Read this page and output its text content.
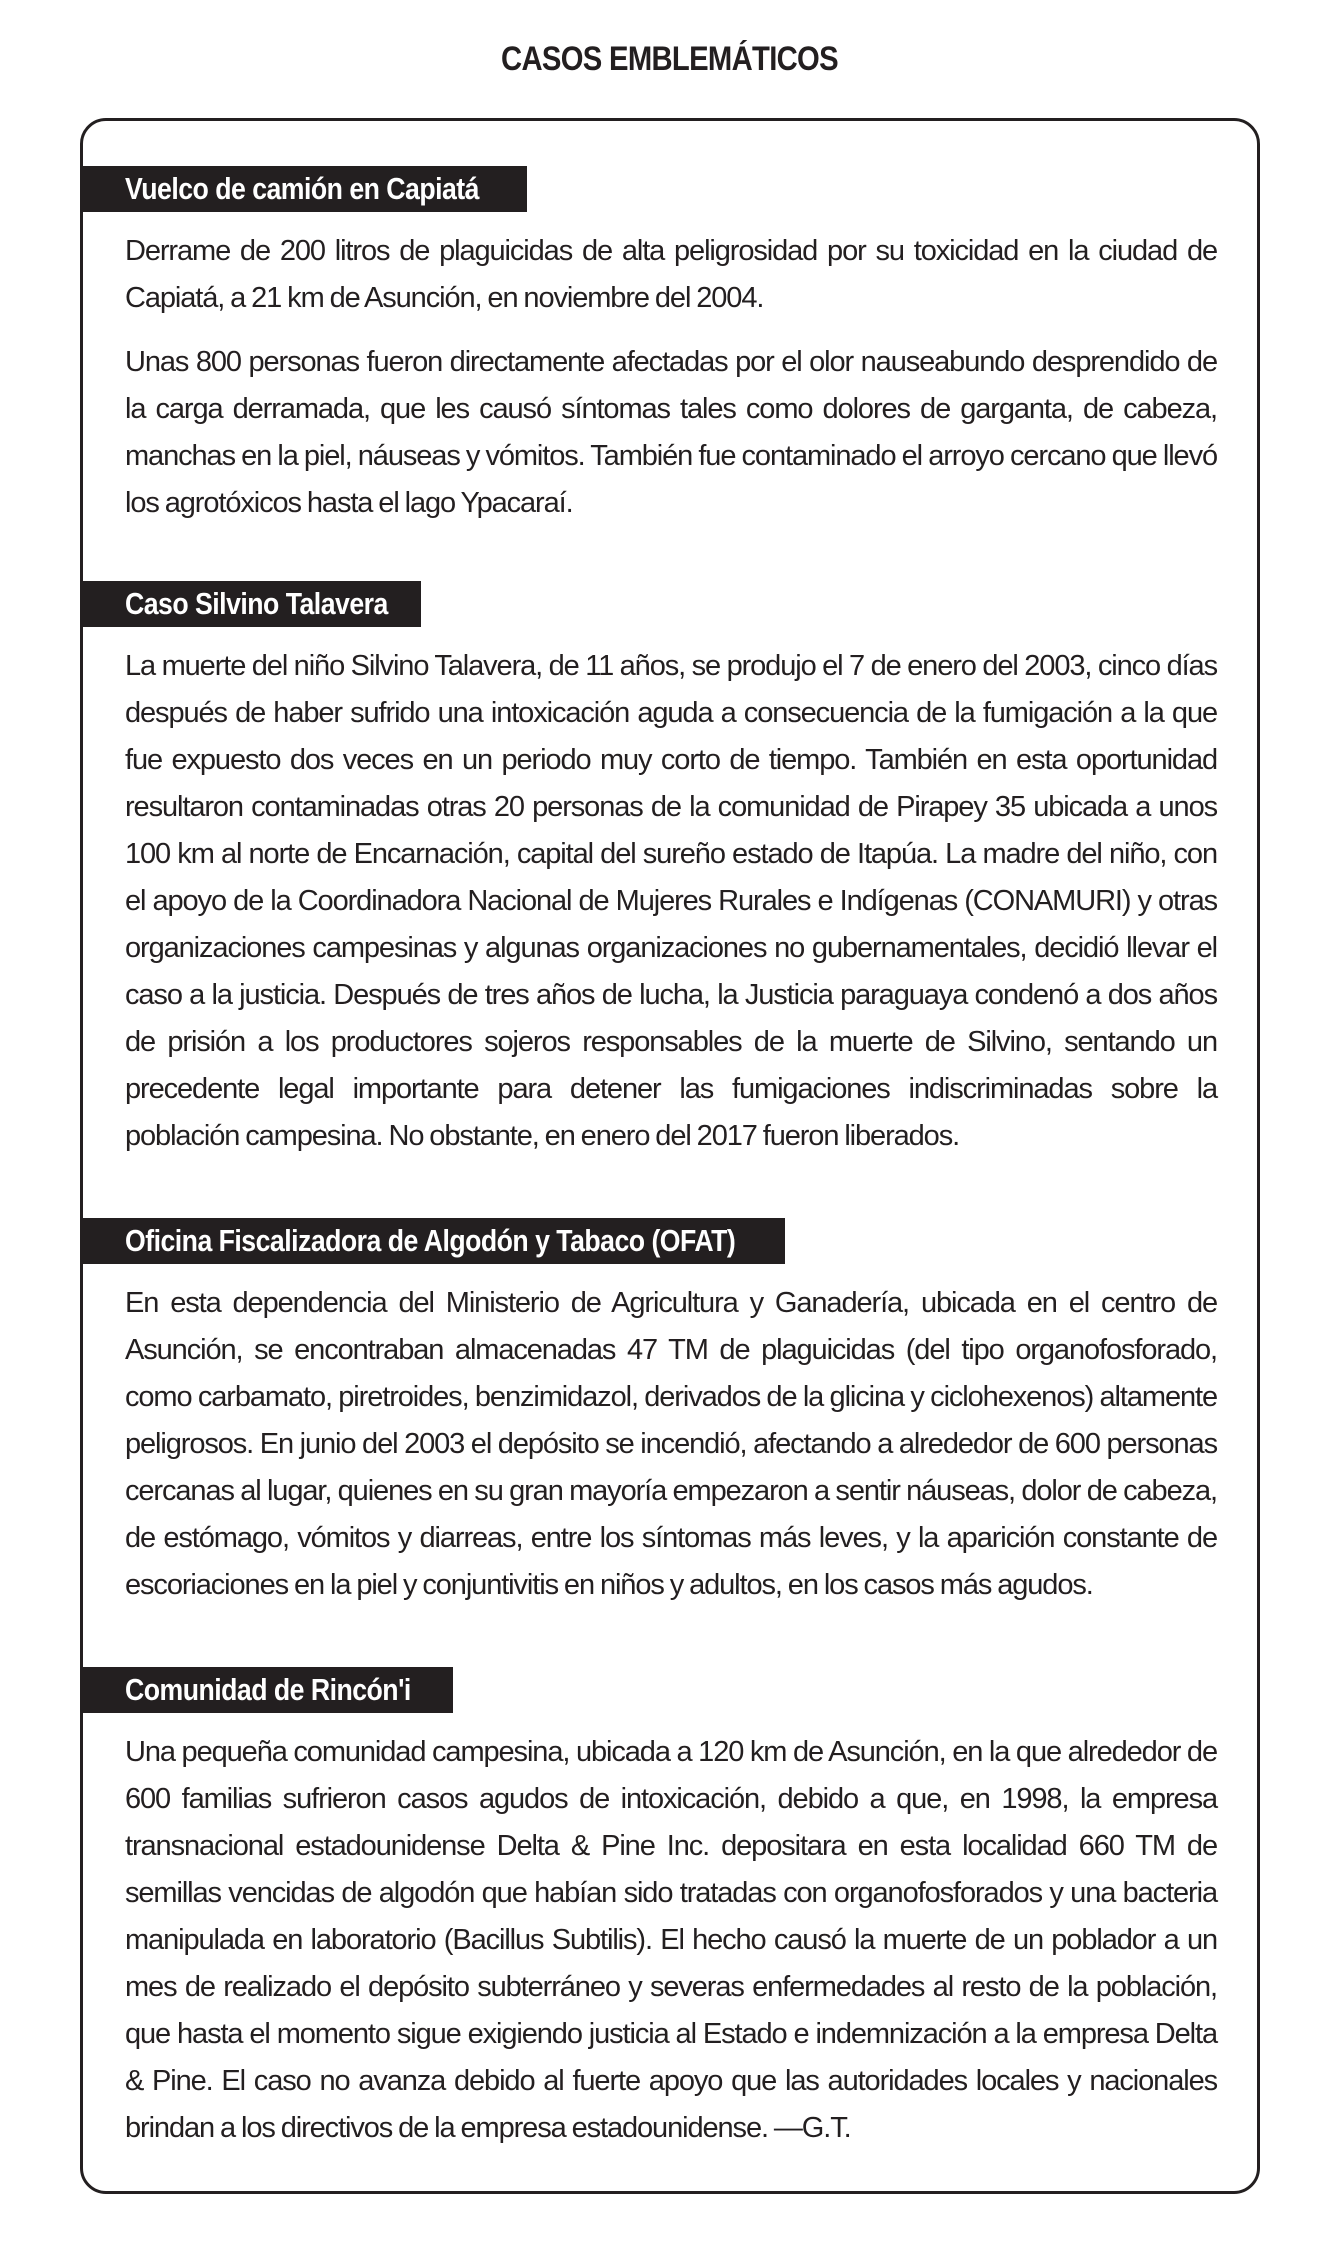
CASOS EMBLEMÁTICOS
Vuelco de camión en Capiatá

Derrame de 200 litros de plaguicidas de alta peligrosidad por su toxicidad en la ciudad de Capiatá, a 21 km de Asunción, en noviembre del 2004.

Unas 800 personas fueron directamente afectadas por el olor nauseabundo desprendido de la carga derramada, que les causó síntomas tales como dolores de garganta, de cabeza, manchas en la piel, náuseas y vómitos. También fue contaminado el arroyo cercano que llevó los agrotóxicos hasta el lago Ypacaraí.

Caso Silvino Talavera

La muerte del niño Silvino Talavera, de 11 años, se produjo el 7 de enero del 2003, cinco días después de haber sufrido una intoxicación aguda a consecuencia de la fumigación a la que fue expuesto dos veces en un periodo muy corto de tiempo. También en esta oportunidad resultaron contaminadas otras 20 personas de la comunidad de Pirapey 35 ubicada a unos 100 km al norte de Encarnación, capital del sureño estado de Itapúa. La madre del niño, con el apoyo de la Coordinadora Nacional de Mujeres Rurales e Indígenas (CONAMURI) y otras organizaciones campesinas y algunas organizaciones no gubernamentales, decidió llevar el caso a la justicia. Después de tres años de lucha, la Justicia paraguaya condenó a dos años de prisión a los productores sojeros responsables de la muerte de Silvino, sentando un precedente legal importante para detener las fumigaciones indiscriminadas sobre la población campesina. No obstante, en enero del 2017 fueron liberados.

Oficina Fiscalizadora de Algodón y Tabaco (OFAT)

En esta dependencia del Ministerio de Agricultura y Ganadería, ubicada en el centro de Asunción, se encontraban almacenadas 47 TM de plaguicidas (del tipo organofosforado, como carbamato, piretroides, benzimidazol, derivados de la glicina y ciclohexenos) altamente peligrosos. En junio del 2003 el depósito se incendió, afectando a alrededor de 600 personas cercanas al lugar, quienes en su gran mayoría empezaron a sentir náuseas, dolor de cabeza, de estómago, vómitos y diarreas, entre los síntomas más leves, y la aparición constante de escoriaciones en la piel y conjuntivitis en niños y adultos, en los casos más agudos.

Comunidad de Rincón'i

Una pequeña comunidad campesina, ubicada a 120 km de Asunción, en la que alrededor de 600 familias sufrieron casos agudos de intoxicación, debido a que, en 1998, la empresa transnacional estadounidense Delta & Pine Inc. depositara en esta localidad 660 TM de semillas vencidas de algodón que habían sido tratadas con organofosforados y una bacteria manipulada en laboratorio (Bacillus Subtilis). El hecho causó la muerte de un poblador a un mes de realizado el depósito subterráneo y severas enfermedades al resto de la población, que hasta el momento sigue exigiendo justicia al Estado e indemnización a la empresa Delta & Pine. El caso no avanza debido al fuerte apoyo que las autoridades locales y nacionales brindan a los directivos de la empresa estadounidense. —G.T.
